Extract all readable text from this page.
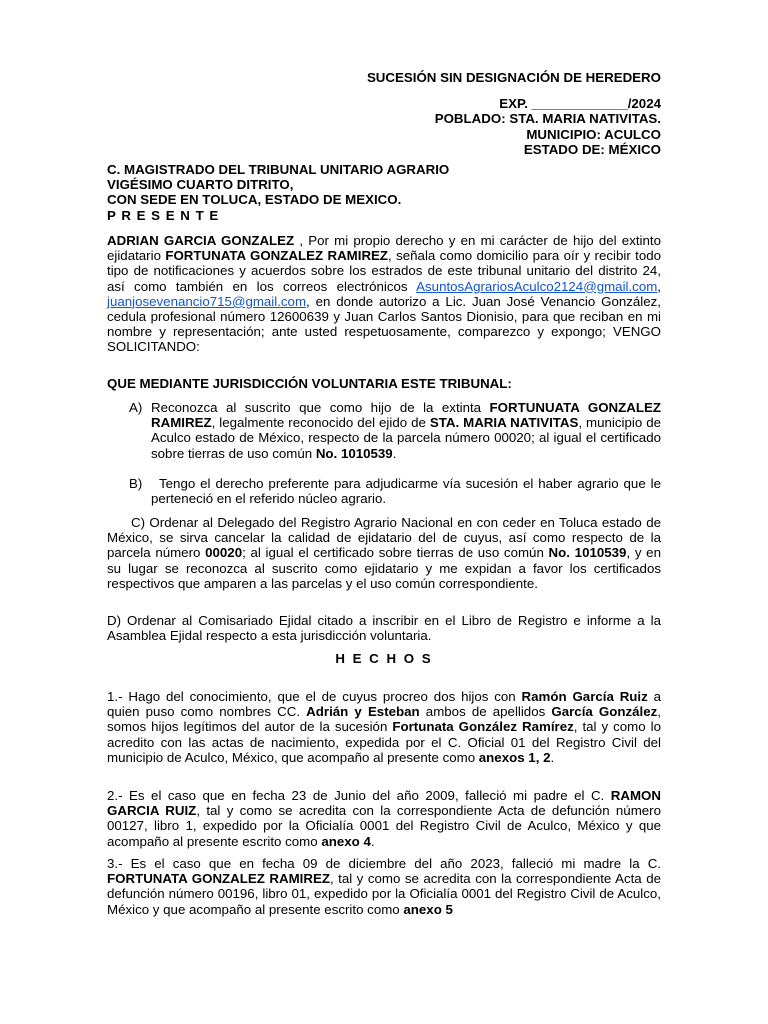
SUCESIÓN SIN DESIGNACIÓN DE HEREDERO

EXP. _____________/2024

POBLADO: STA. MARIA NATIVITAS.

MUNICIPIO: ACULCO

ESTADO DE: MÉXICO

C. MAGISTRADO DEL TRIBUNAL UNITARIO AGRARIO

VIGÉSIMO CUARTO DITRITO,

CON SEDE EN TOLUCA, ESTADO DE MEXICO.

P R E S E N T E

ADRIAN GARCIA GONZALEZ , Por mi propio derecho y en mi carácter de hijo del extinto ejidatario FORTUNATA GONZALEZ RAMIREZ, señala como domicilio para oír y recibir todo tipo de notificaciones y acuerdos sobre los estrados de este tribunal unitario del distrito 24, así como también en los correos electrónicos AsuntosAgrariosAculco2124@gmail.com, juanjosevenancio715@gmail.com, en donde autorizo a Lic. Juan José Venancio González, cedula profesional número 12600639 y Juan Carlos Santos Dionisio, para que reciban en mi nombre y representación; ante usted respetuosamente, comparezco y expongo; VENGO SOLICITANDO:
QUE MEDIANTE JURISDICCIÓN VOLUNTARIA ESTE TRIBUNAL:
A) Reconozca al suscrito que como hijo de la extinta FORTUNUATA GONZALEZ RAMIREZ, legalmente reconocido del ejido de STA. MARIA NATIVITAS, municipio de Aculco estado de México, respecto de la parcela número 00020; al igual el certificado sobre tierras de uso común No. 1010539.
B)	Tengo el derecho preferente para adjudicarme vía sucesión el haber agrario que le perteneció en el referido núcleo agrario.
C) Ordenar al Delegado del Registro Agrario Nacional en con ceder en Toluca estado de México, se sirva cancelar la calidad de ejidatario del de cuyus, así como respecto de la parcela número 00020; al igual el certificado sobre tierras de uso común No. 1010539, y en su lugar se reconozca al suscrito como ejidatario y me expidan a favor los certificados respectivos que amparen a las parcelas y el uso común correspondiente.
D) Ordenar al Comisariado Ejidal citado a inscribir en el Libro de Registro e informe a la Asamblea Ejidal respecto a esta jurisdicción voluntaria.
H E C H O S
1.- Hago del conocimiento, que el de cuyus procreo dos hijos con Ramón García Ruiz a quien puso como nombres CC. Adrián y Esteban ambos de apellidos García González, somos hijos legítimos del autor de la sucesión Fortunata González Ramírez, tal y como lo acredito con las actas de nacimiento, expedida por el C. Oficial 01 del Registro Civil del municipio de Aculco, México, que acompaño al presente como anexos 1, 2.
2.- Es el caso que en fecha 23 de Junio del año 2009, falleció mi padre el C. RAMON GARCIA RUIZ, tal y como se acredita con la correspondiente Acta de defunción número 00127, libro 1, expedido por la Oficialía 0001 del Registro Civil de Aculco, México y que acompaño al presente escrito como anexo 4.
3.- Es el caso que en fecha 09 de diciembre del año 2023, falleció mi madre la C. FORTUNATA GONZALEZ RAMIREZ, tal y como se acredita con la correspondiente Acta de defunción número 00196, libro 01, expedido por la Oficialía 0001 del Registro Civil de Aculco, México y que acompaño al presente escrito como anexo 5
